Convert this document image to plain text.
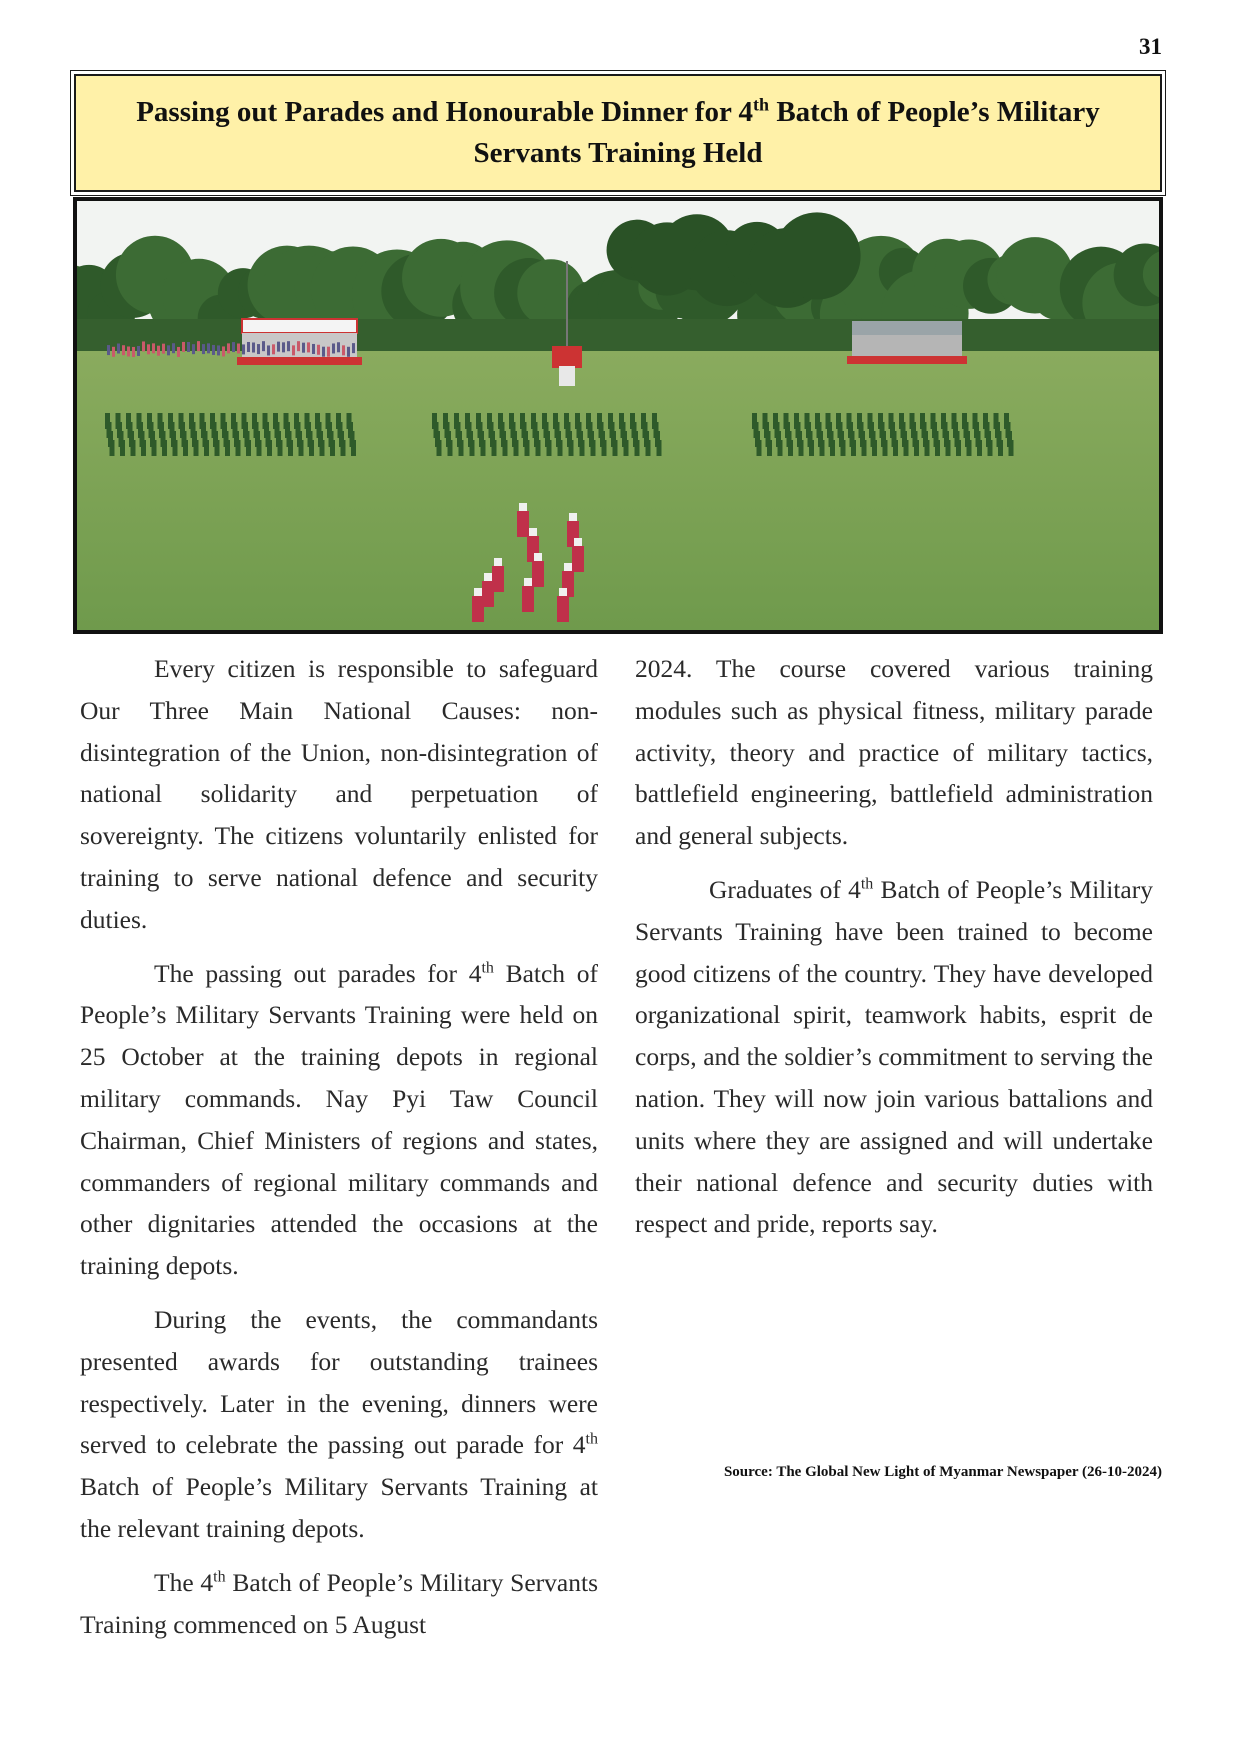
31
Passing out Parades and Honourable Dinner for 4th Batch of People’s Military Servants Training Held

Every citizen is responsible to safeguard Our Three Main National Causes: non-disintegration of the Union, non-disintegration of national solidarity and perpetuation of sovereignty. The citizens voluntarily enlisted for training to serve national defence and security duties.

The passing out parades for 4th Batch of People’s Military Servants Training were held on 25 October at the training depots in regional military commands. Nay Pyi Taw Council Chairman, Chief Ministers of regions and states, commanders of regional military commands and other dignitaries attended the occasions at the training depots.

During the events, the commandants presented awards for outstanding trainees respectively. Later in the evening, dinners were served to celebrate the passing out parade for 4th Batch of People’s Military Servants Training at the relevant training depots.

The 4th Batch of People’s Military Servants Training commenced on 5 August

2024. The course covered various training modules such as physical fitness, military parade activity, theory and practice of military tactics, battlefield engineering, battlefield administration and general subjects.

Graduates of 4th Batch of People’s Military Servants Training have been trained to become good citizens of the country. They have developed organizational spirit, teamwork habits, esprit de corps, and the soldier’s commitment to serving the nation. They will now join various battalions and units where they are assigned and will undertake their national defence and security duties with respect and pride, reports say.

Source: The Global New Light of Myanmar Newspaper (26-10-2024)
